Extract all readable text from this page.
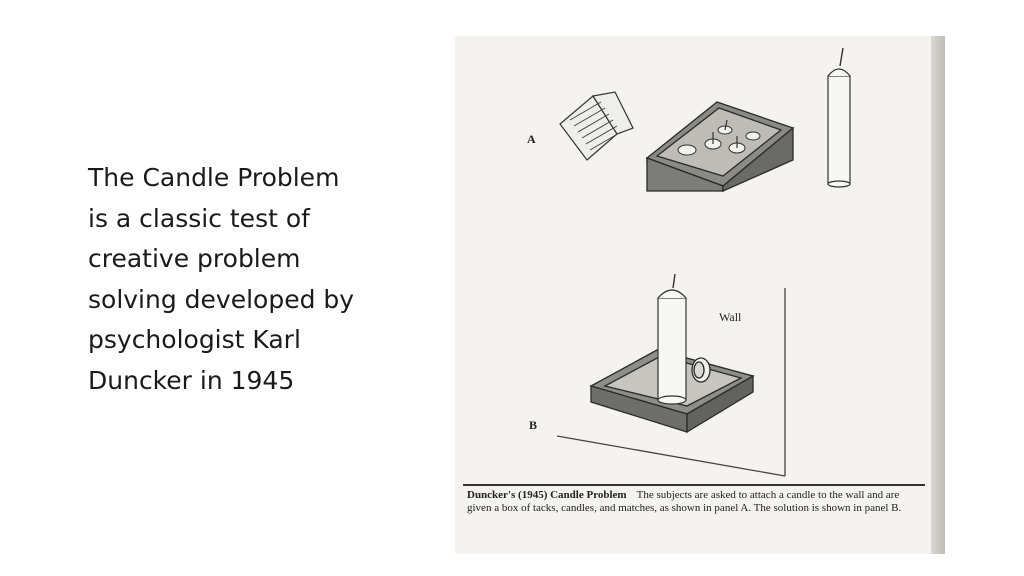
The Candle Problem
is a classic test of
creative problem
solving developed by
psychologist Karl
Duncker in 1945
A
B
Wall
Duncker's (1945) Candle Problem The subjects are asked to attach a candle to the wall and are given a box of tacks, candles, and matches, as shown in panel A. The solution is shown in panel B.
